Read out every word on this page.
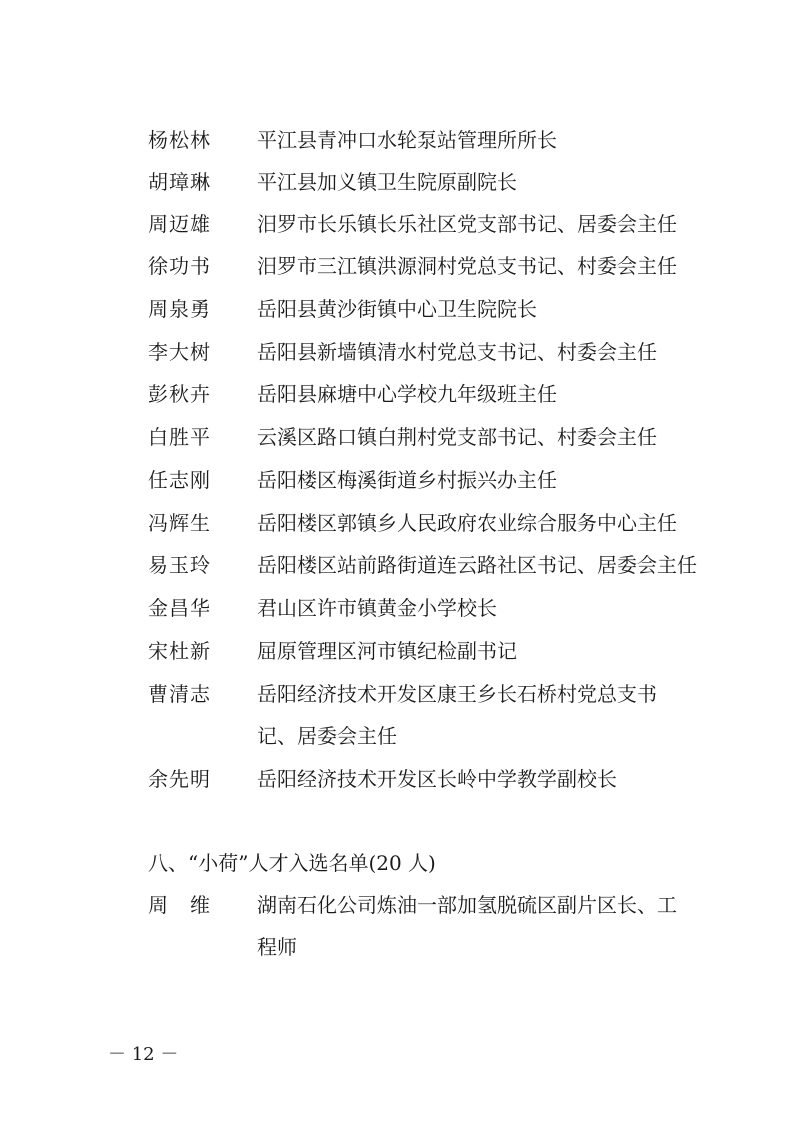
杨松林 平江县青冲口水轮泵站管理所所长
胡璋琳 平江县加义镇卫生院原副院长
周迈雄 汨罗市长乐镇长乐社区党支部书记、居委会主任
徐功书 汨罗市三江镇洪源洞村党总支书记、村委会主任
周泉勇 岳阳县黄沙街镇中心卫生院院长
李大树 岳阳县新墙镇清水村党总支书记、村委会主任
彭秋卉 岳阳县麻塘中心学校九年级班主任
白胜平 云溪区路口镇白荆村党支部书记、村委会主任
任志刚 岳阳楼区梅溪街道乡村振兴办主任
冯辉生 岳阳楼区郭镇乡人民政府农业综合服务中心主任
易玉玲 岳阳楼区站前路街道连云路社区书记、居委会主任
金昌华 君山区许市镇黄金小学校长
宋杜新 屈原管理区河市镇纪检副书记
曹清志 岳阳经济技术开发区康王乡长石桥村党总支书记、居委会主任
余先明 岳阳经济技术开发区长岭中学教学副校长
八、“小荷”人才入选名单(20 人)
周　维 湖南石化公司炼油一部加氢脱硫区副片区长、工程师
－ 12 －
